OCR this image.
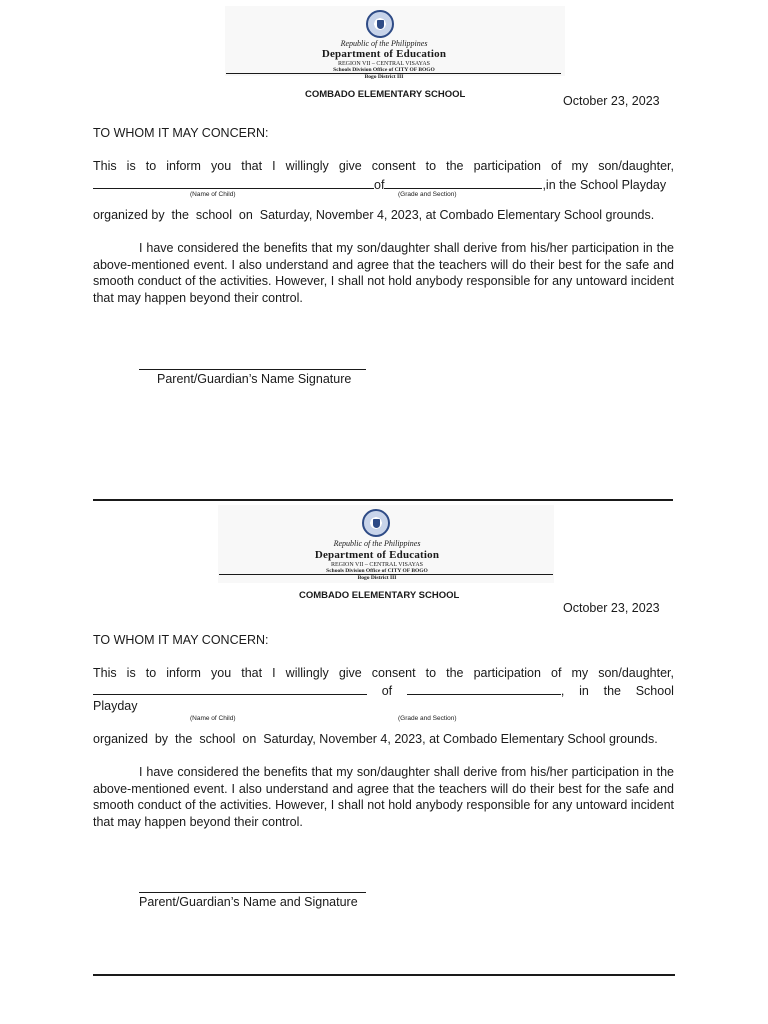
Republic of the Philippines
Department of Education
REGION VII – CENTRAL VISAYAS
Schools Division Office of CITY OF BOGO
Bogo District III
COMBADO ELEMENTARY SCHOOL	October 23, 2023
TO WHOM IT MAY CONCERN:
This is to inform you that I willingly give consent to the participation of my son/daughter,
of	,in the School Playday
(Name of Child)	(Grade and Section)
organized by  the  school  on  Saturday, November 4, 2023, at Combado Elementary School grounds.
I have considered the benefits that my son/daughter shall derive from his/her participation in the above-mentioned event. I also understand and agree that the teachers will do their best for the safe and smooth conduct of the activities. However, I shall not hold anybody responsible for any untoward incident that may happen beyond their control.
Parent/Guardian’s Name Signature
Republic of the Philippines
Department of Education
REGION VII – CENTRAL VISAYAS
Schools Division Office of CITY OF BOGO
Bogo District III
COMBADO ELEMENTARY SCHOOL
October 23, 2023
TO WHOM IT MAY CONCERN:
This is to inform you that I willingly give consent to the participation of my son/daughter,
of	, in the School
Playday
(Name of Child)	(Grade and Section)
organized  by  the  school  on  Saturday, November 4, 2023, at Combado Elementary School grounds.
I have considered the benefits that my son/daughter shall derive from his/her participation in the above-mentioned event. I also understand and agree that the teachers will do their best for the safe and smooth conduct of the activities. However, I shall not hold anybody responsible for any untoward incident that may happen beyond their control.
Parent/Guardian’s Name and Signature
